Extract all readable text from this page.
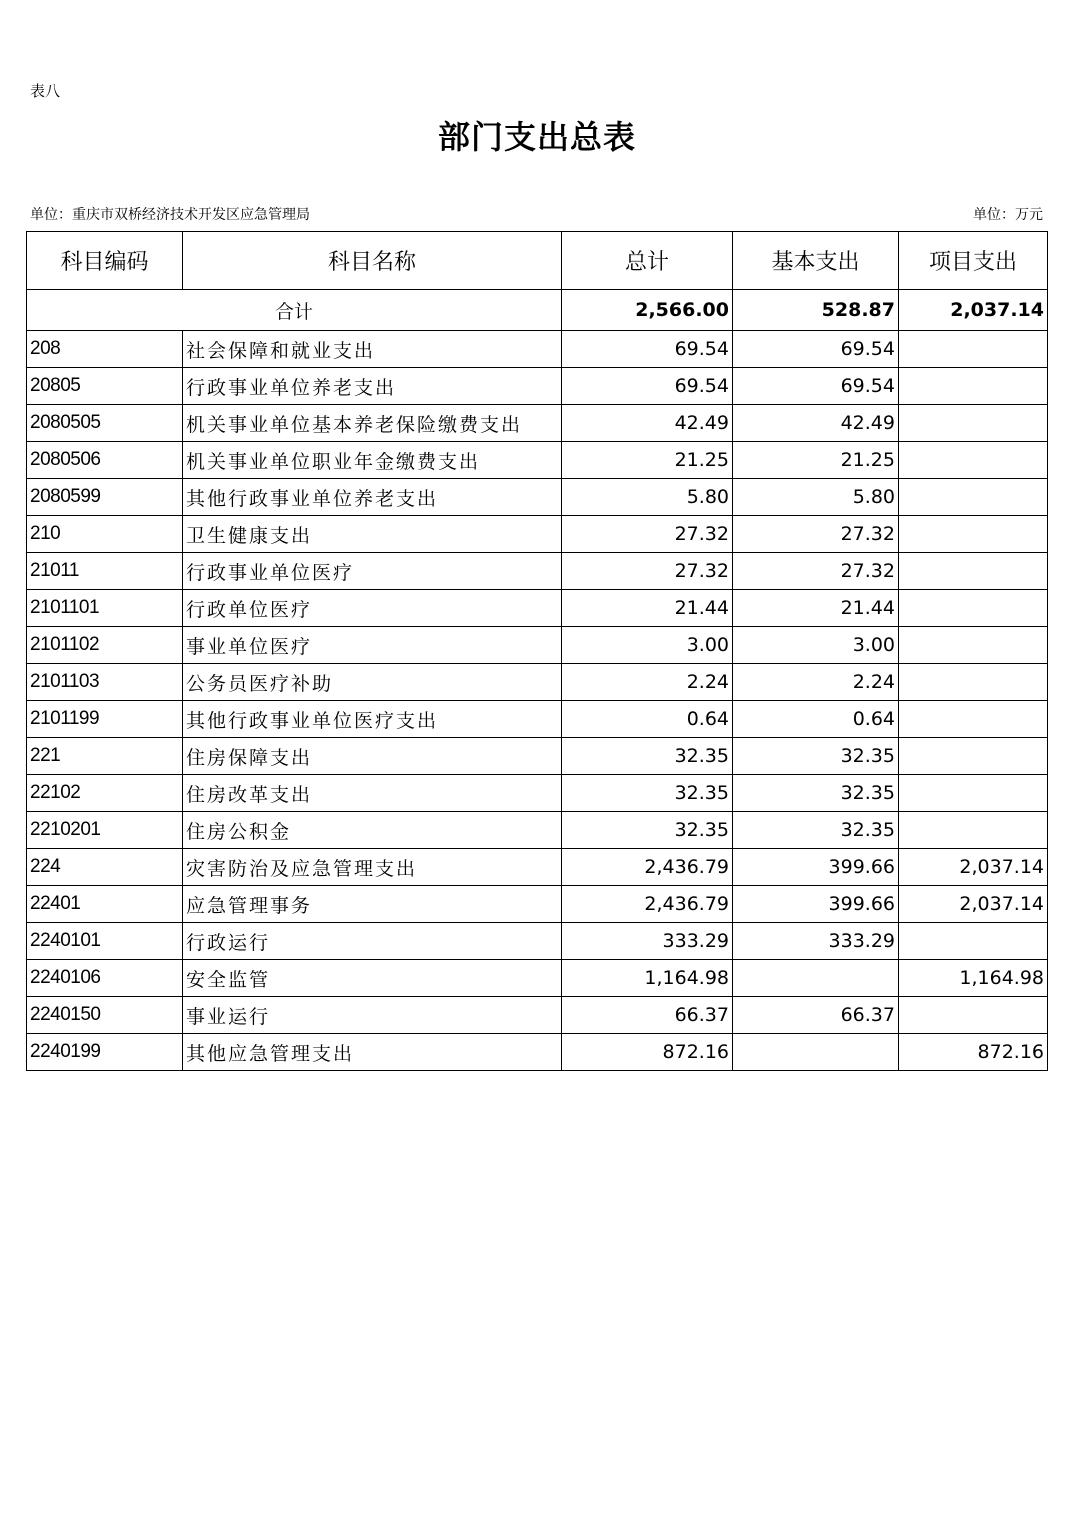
表八
部门支出总表
单位：重庆市双桥经济技术开发区应急管理局	单位：万元
科目编码	科目名称	总计	基本支出	项目支出
合计		2,566.00	528.87	2,037.14
208	社会保障和就业支出	69.54	69.54	
20805	行政事业单位养老支出	69.54	69.54	
2080505	机关事业单位基本养老保险缴费支出	42.49	42.49	
2080506	机关事业单位职业年金缴费支出	21.25	21.25	
2080599	其他行政事业单位养老支出	5.80	5.80	
210	卫生健康支出	27.32	27.32	
21011	行政事业单位医疗	27.32	27.32	
2101101	行政单位医疗	21.44	21.44	
2101102	事业单位医疗	3.00	3.00	
2101103	公务员医疗补助	2.24	2.24	
2101199	其他行政事业单位医疗支出	0.64	0.64	
221	住房保障支出	32.35	32.35	
22102	住房改革支出	32.35	32.35	
2210201	住房公积金	32.35	32.35	
224	灾害防治及应急管理支出	2,436.79	399.66	2,037.14
22401	应急管理事务	2,436.79	399.66	2,037.14
2240101	行政运行	333.29	333.29	
2240106	安全监管	1,164.98		1,164.98
2240150	事业运行	66.37	66.37	
2240199	其他应急管理支出	872.16		872.16
